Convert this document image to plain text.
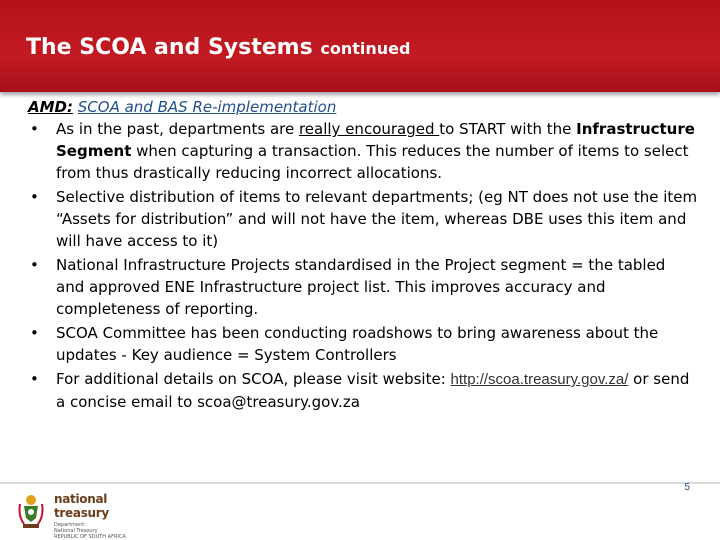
The SCOA and Systems continued
AMD: SCOA and BAS Re-implementation
• As in the past, departments are really encouraged to START with the Infrastructure Segment when capturing a transaction. This reduces the number of items to select from thus drastically reducing incorrect allocations.
• Selective distribution of items to relevant departments; (eg NT does not use the item “Assets for distribution” and will not have the item, whereas DBE uses this item and will have access to it)
• National Infrastructure Projects standardised in the Project segment = the tabled and approved ENE Infrastructure project list. This improves accuracy and completeness of reporting.
• SCOA Committee has been conducting roadshows to bring awareness about the updates - Key audience = System Controllers
• For additional details on SCOA, please visit website: http://scoa.treasury.gov.za/ or send a concise email to scoa@treasury.gov.za
national treasury
Department:
National Treasury
REPUBLIC OF SOUTH AFRICA
5
